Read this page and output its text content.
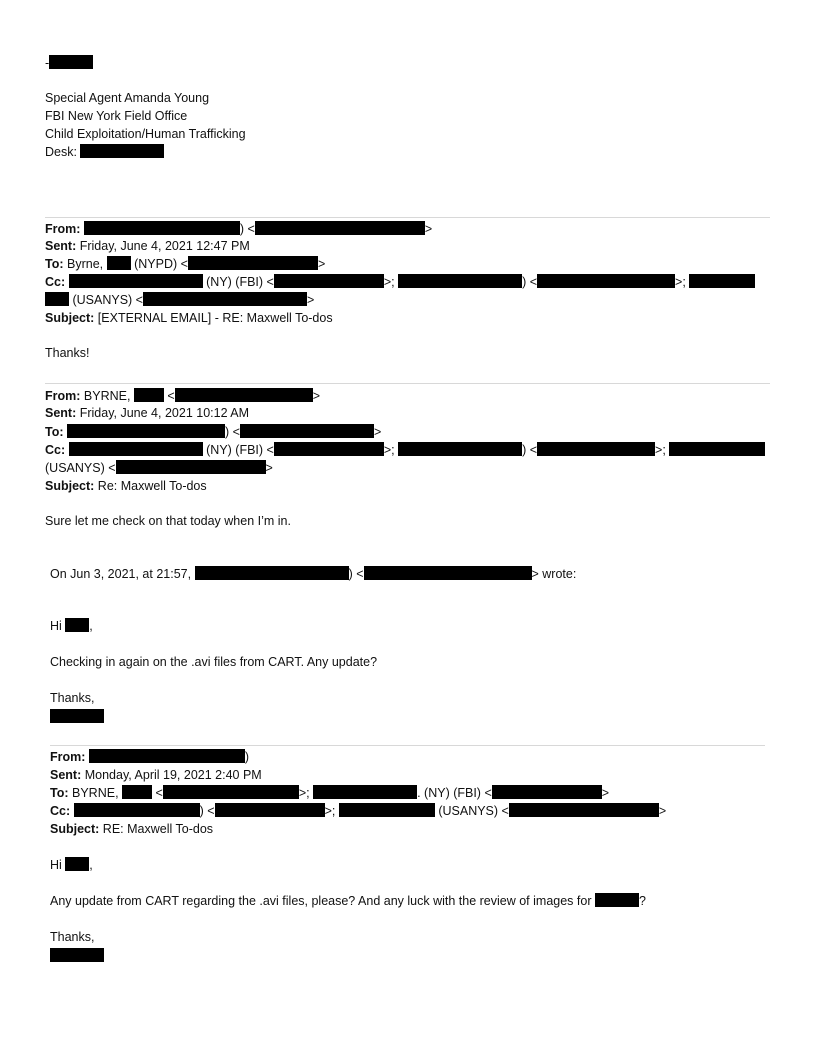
-
Special Agent Amanda Young
FBI New York Field Office
Child Exploitation/Human Trafficking
Desk:
From:	) <	>
Sent: Friday, June 4, 2021 12:47 PM
To: Byrne, (NYPD) <	>
Cc:	(NY) (FBI) <	>;	) <	>;
(USANYS) <	>
Subject: [EXTERNAL EMAIL] - RE: Maxwell To-dos
Thanks!
From: BYRNE,	<	>
Sent: Friday, June 4, 2021 10:12 AM
To:	) <	>
Cc:	(NY) (FBI) <	>;	) <	>;
(USANYS) <	>
Subject: Re: Maxwell To-dos
Sure let me check on that today when I’m in.
On Jun 3, 2021, at 21:57,	) <	> wrote:
Hi ,
Checking in again on the .avi files from CART. Any update?
Thanks,
From:	)
Sent: Monday, April 19, 2021 2:40 PM
To: BYRNE,	<	>;	. (NY) (FBI) <	>
Cc:	) <	>;	(USANYS) <	>
Subject: RE: Maxwell To-dos
Hi ,
Any update from CART regarding the .avi files, please? And any luck with the review of images for	?
Thanks,
